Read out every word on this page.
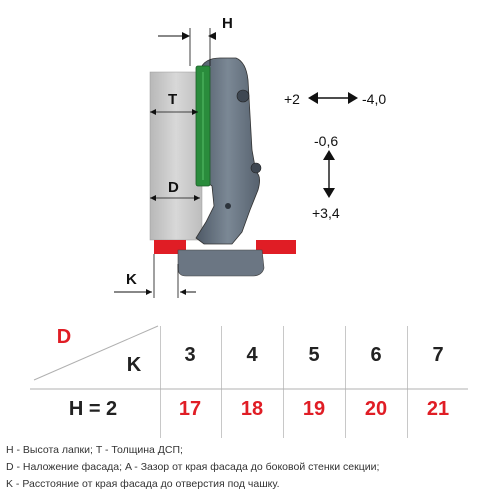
H
T
D
K
+2	-4,0
-0,6
+3,4
D
K	3	4	5	6	7
H = 2	17	18	19	20	21
H - Высота лапки; T - Толщина ДСП;
D - Наложение фасада; A - Зазор от края фасада до боковой стенки секции;
K - Расстояние от края фасада до отверстия под чашку.
